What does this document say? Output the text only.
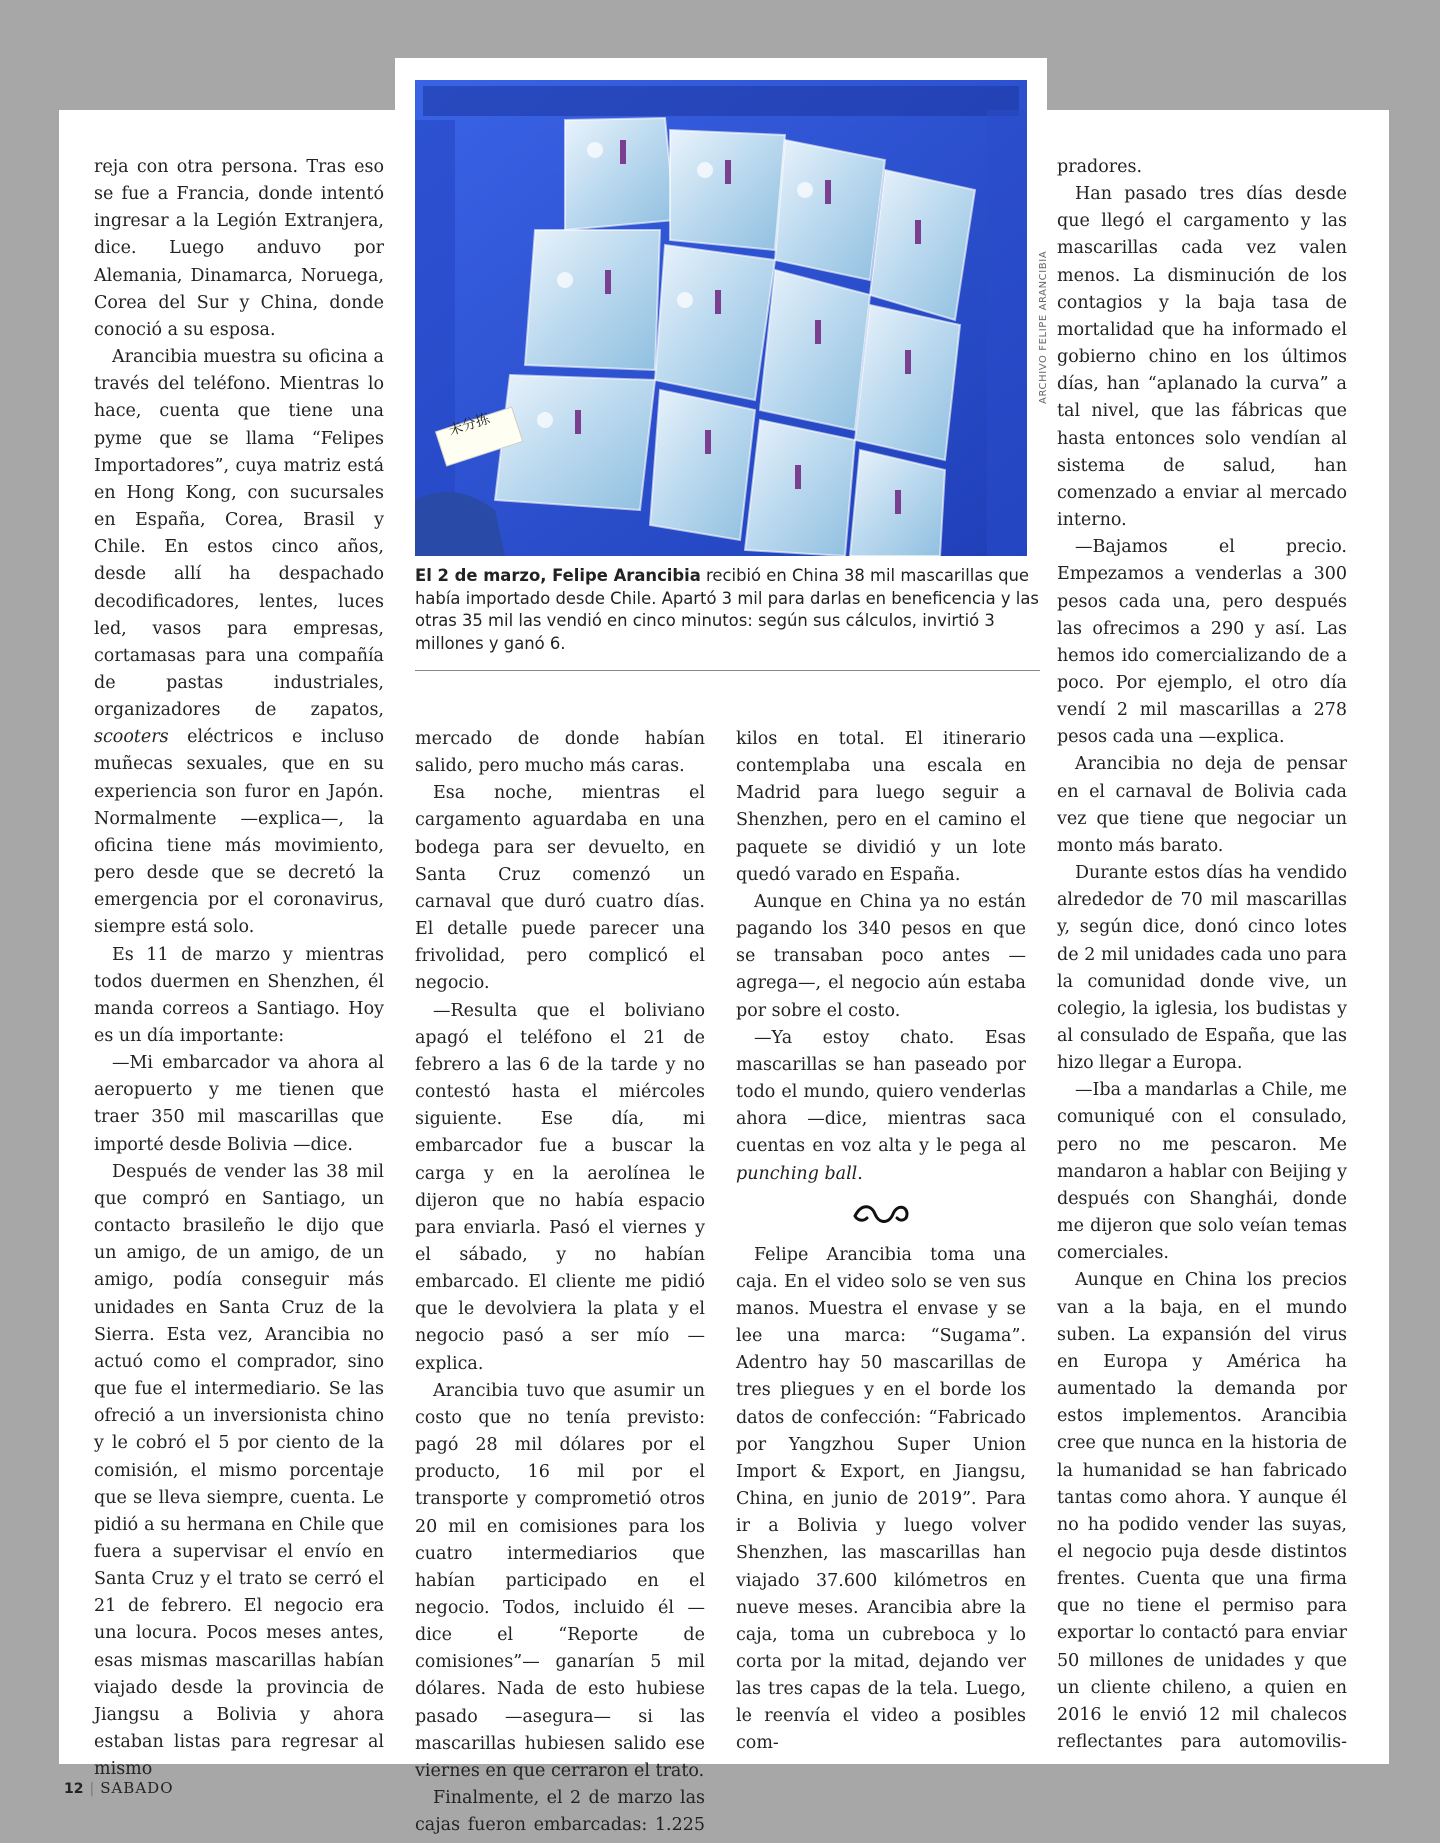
未分拣
ARCHIVO FELIPE ARANCIBIA
El 2 de marzo, Felipe Arancibia recibió en China 38 mil mascarillas que había importado desde Chile. Apartó 3 mil para darlas en beneficencia y las otras 35 mil las vendió en cinco minutos: según sus cálculos, invirtió 3 millones y ganó 6.

reja con otra persona. Tras eso se fue a Francia, donde intentó ingresar a la Legión Extranjera, dice. Luego anduvo por Alemania, Dinamarca, Noruega, Corea del Sur y China, donde conoció a su esposa.

Arancibia muestra su oficina a través del teléfono. Mientras lo hace, cuenta que tiene una pyme que se llama “Felipes Importadores”, cuya matriz está en Hong Kong, con sucursales en España, Corea, Brasil y Chile. En estos cinco años, desde allí ha despachado decodificadores, lentes, luces led, vasos para empresas, cortamasas para una compañía de pastas industriales, organizadores de zapatos, scooters eléctricos e incluso muñecas sexuales, que en su experiencia son furor en Japón. Normalmente —explica—, la oficina tiene más movimiento, pero desde que se decretó la emergencia por el coronavirus, siempre está solo.

Es 11 de marzo y mientras todos duermen en Shenzhen, él manda correos a Santiago. Hoy es un día importante:

—Mi embarcador va ahora al aeropuerto y me tienen que traer 350 mil mascarillas que importé desde Bolivia —dice.

Después de vender las 38 mil que compró en Santiago, un contacto brasileño le dijo que un amigo, de un amigo, de un amigo, podía conseguir más unidades en Santa Cruz de la Sierra. Esta vez, Arancibia no actuó como el comprador, sino que fue el intermediario. Se las ofreció a un inversionista chino y le cobró el 5 por ciento de la comisión, el mismo porcentaje que se lleva siempre, cuenta. Le pidió a su hermana en Chile que fuera a supervisar el envío en Santa Cruz y el trato se cerró el 21 de febrero. El negocio era una locura. Pocos meses antes, esas mismas mascarillas habían viajado desde la provincia de Jiangsu a Bolivia y ahora estaban listas para regresar al mismo

mercado de donde habían salido, pero mucho más caras.

Esa noche, mientras el cargamento aguardaba en una bodega para ser devuelto, en Santa Cruz comenzó un carnaval que duró cuatro días. El detalle puede parecer una frivolidad, pero complicó el negocio.

—Resulta que el boliviano apagó el teléfono el 21 de febrero a las 6 de la tarde y no contestó hasta el miércoles siguiente. Ese día, mi embarcador fue a buscar la carga y en la aerolínea le dijeron que no había espacio para enviarla. Pasó el viernes y el sábado, y no habían embarcado. El cliente me pidió que le devolviera la plata y el negocio pasó a ser mío —explica.

Arancibia tuvo que asumir un costo que no tenía previsto: pagó 28 mil dólares por el producto, 16 mil por el transporte y comprometió otros 20 mil en comisiones para los cuatro intermediarios que habían participado en el negocio. Todos, incluido él —dice el “Reporte de comisiones”— ganarían 5 mil dólares. Nada de esto hubiese pasado —asegura— si las mascarillas hubiesen salido ese viernes en que cerraron el trato.

Finalmente, el 2 de marzo las cajas fueron embarcadas: 1.225

kilos en total. El itinerario contemplaba una escala en Madrid para luego seguir a Shenzhen, pero en el camino el paquete se dividió y un lote quedó varado en España.

Aunque en China ya no están pagando los 340 pesos en que se transaban poco antes —agrega—, el negocio aún estaba por sobre el costo.

—Ya estoy chato. Esas mascarillas se han paseado por todo el mundo, quiero venderlas ahora —dice, mientras saca cuentas en voz alta y le pega al punching ball.

Felipe Arancibia toma una caja. En el video solo se ven sus manos. Muestra el envase y se lee una marca: “Sugama”. Adentro hay 50 mascarillas de tres pliegues y en el borde los datos de confección: “Fabricado por Yangzhou Super Union Import & Export, en Jiangsu, China, en junio de 2019”. Para ir a Bolivia y luego volver Shenzhen, las mascarillas han viajado 37.600 kilómetros en nueve meses. Arancibia abre la caja, toma un cubreboca y lo corta por la mitad, dejando ver las tres capas de la tela. Luego, le reenvía el video a posibles com-

pradores.

Han pasado tres días desde que llegó el cargamento y las mascarillas cada vez valen menos. La disminución de los contagios y la baja tasa de mortalidad que ha informado el gobierno chino en los últimos días, han “aplanado la curva” a tal nivel, que las fábricas que hasta entonces solo vendían al sistema de salud, han comenzado a enviar al mercado interno.

—Bajamos el precio. Empezamos a venderlas a 300 pesos cada una, pero después las ofrecimos a 290 y así. Las hemos ido comercializando de a poco. Por ejemplo, el otro día vendí 2 mil mascarillas a 278 pesos cada una —explica.

Arancibia no deja de pensar en el carnaval de Bolivia cada vez que tiene que negociar un monto más barato.

Durante estos días ha vendido alrededor de 70 mil mascarillas y, según dice, donó cinco lotes de 2 mil unidades cada uno para la comunidad donde vive, un colegio, la iglesia, los budistas y al consulado de España, que las hizo llegar a Europa.

—Iba a mandarlas a Chile, me comuniqué con el consulado, pero no me pescaron. Me mandaron a hablar con Beijing y después con Shanghái, donde me dijeron que solo veían temas comerciales.

Aunque en China los precios van a la baja, en el mundo suben. La expansión del virus en Europa y América ha aumentado la demanda por estos implementos. Arancibia cree que nunca en la historia de la humanidad se han fabricado tantas como ahora. Y aunque él no ha podido vender las suyas, el negocio puja desde distintos frentes. Cuenta que una firma que no tiene el permiso para exportar lo contactó para enviar 50 millones de unidades y que un cliente chileno, a quien en 2016 le envió 12 mil chalecos reflectantes para automovilis-

12 | SABADO
